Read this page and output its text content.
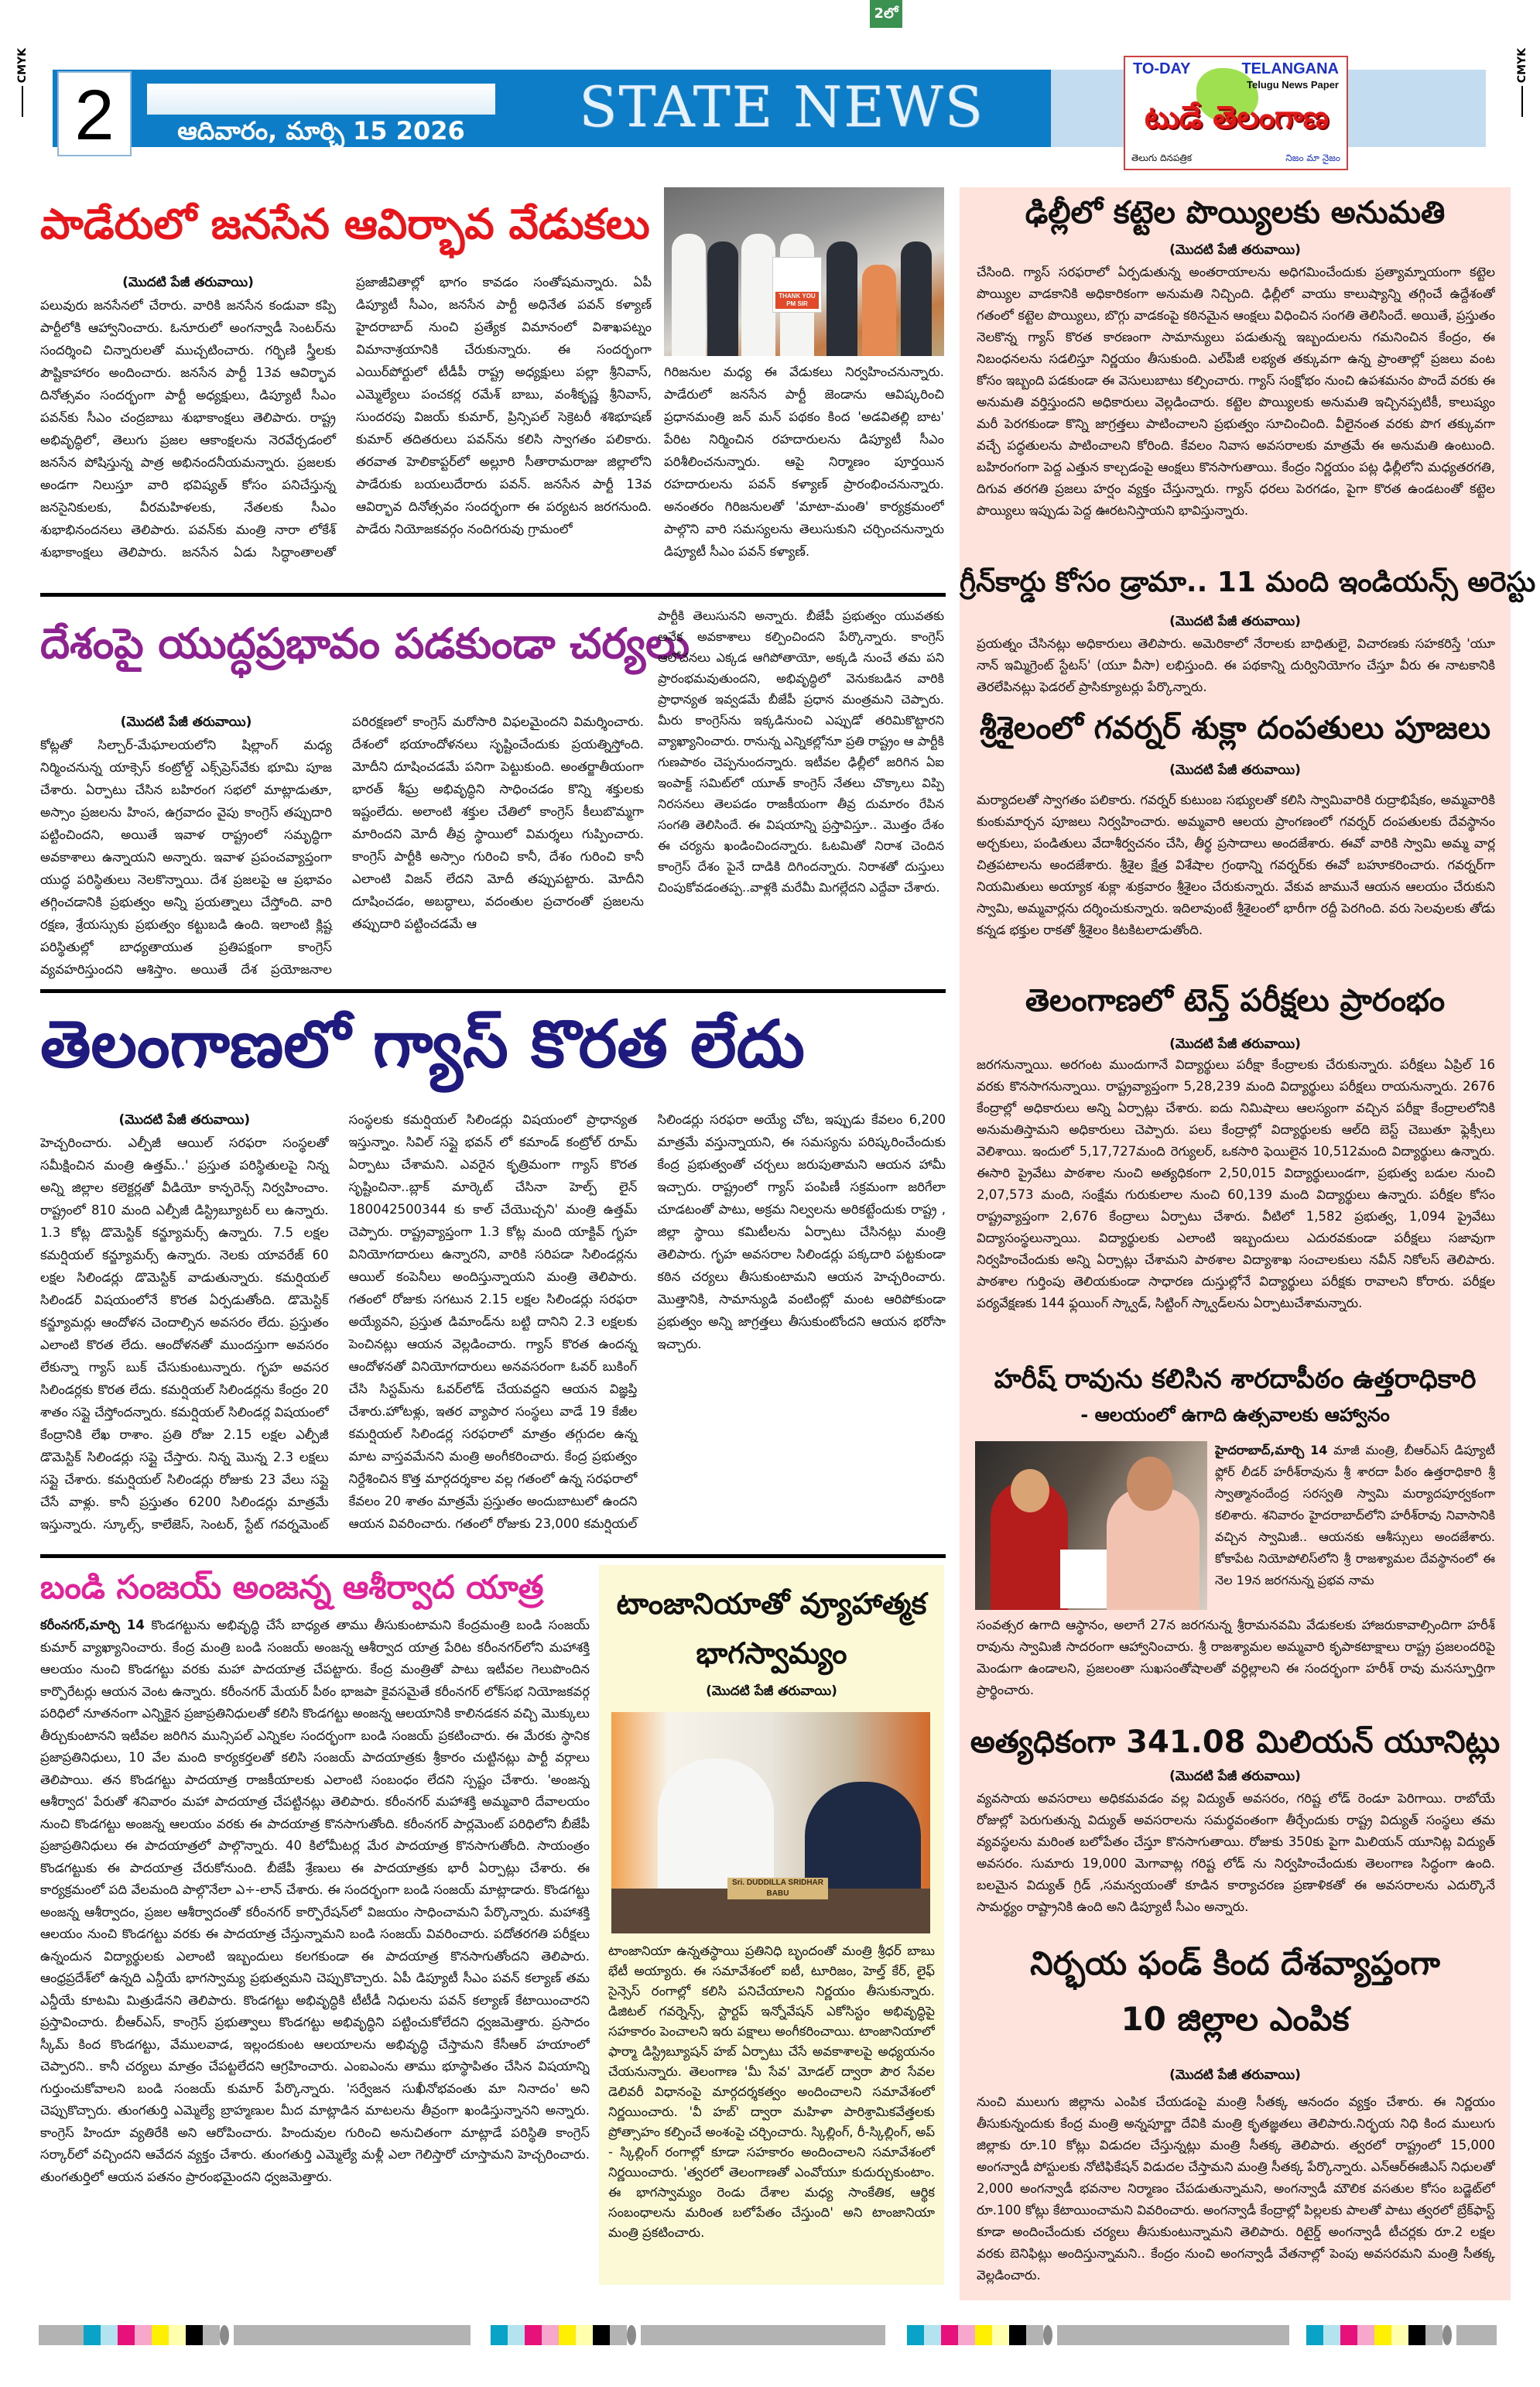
2లో
CMYK	CMYK
2	ఆదివారం, మార్చి 15 2026	STATE NEWS
TO-DAY	TELANGANA
Telugu News Paper
టుడే తెలంగాణ
తెలుగు దినపత్రిక	నిజం మా నైజం
పాడేరులో జనసేన ఆవిర్భావ వేడుకలు
(మొదటి పేజీ తరువాయి)
పలువురు జనసేనలో చేరారు. వారికి జనసేన కండువా కప్పి పార్టీలోకి ఆహ్వానించారు. ఓనూరులో అంగన్వాడీ సెంటర్‌ను సందర్శించి చిన్నారులతో ముచ్చటించారు. గర్భిణి స్త్రీలకు పౌష్టికాహారం అందించారు. జనసేన పార్టీ 13వ ఆవిర్భావ దినోత్సవం సందర్భంగా పార్టీ అధ్యక్షులు, డిప్యూటీ సీఎం పవన్‌కు సీఎం చంద్రబాబు శుభాకాంక్షలు తెలిపారు. రాష్ట్ర అభివృద్ధిలో, తెలుగు ప్రజల ఆకాంక్షలను నెరవేర్చడంలో జనసేన పోషిస్తున్న పాత్ర అభినందనీయమన్నారు. ప్రజలకు అండగా నిలుస్తూ వారి భవిష్యత్ కోసం పనిచేస్తున్న జనసైనికులకు, వీరమహిళలకు, నేతలకు సీఎం శుభాభినందనలు తెలిపారు. పవన్‌కు మంత్రి నారా లోకేశ్ శుభాకాంక్షలు తెలిపారు. జనసేన ఏడు సిద్ధాంతాలతో ప్రజాజీవితాల్లో భాగం కావడం సంతోషమన్నారు. ఏపీ డిప్యూటీ సీఎం, జనసేన పార్టీ అధినేత పవన్ కళ్యాణ్ హైదరాబాద్ నుంచి ప్రత్యేక విమానంలో విశాఖపట్నం విమానాశ్రయానికి చేరుకున్నారు. ఈ సందర్భంగా ఎయిర్‌పోర్టులో టీడీపీ రాష్ట్ర అధ్యక్షులు పల్లా శ్రీనివాస్, ఎమ్మెల్యేలు పంచకర్ల రమేశ్ బాబు, వంశీకృష్ణ శ్రీనివాస్, సుందరపు విజయ్ కుమార్, ప్రిన్సిపల్ సెక్రెటరీ శశిభూషణ్ కుమార్ తదితరులు పవన్‌ను కలిసి స్వాగతం పలికారు. తరవాత హెలికాప్టర్‌లో అల్లూరి సీతారామరాజు జిల్లాలోని పాడేరుకు బయలుదేరారు పవన్. జనసేన పార్టీ 13వ ఆవిర్భావ దినోత్సవం సందర్భంగా ఈ పర్యటన జరగనుంది. పాడేరు నియోజకవర్గం నందిగరువు గ్రామంలో
THANK YOU PM SIR
గిరిజనుల మధ్య ఈ వేడుకలు నిర్వహించనున్నారు. పాడేరులో జనసేన పార్టీ జెండాను ఆవిష్కరించి ప్రధానమంత్రి జన్ మన్ పథకం కింద 'అడవితల్లి బాట' పేరిట నిర్మించిన రహదారులను డిప్యూటీ సీఎం పరిశీలించనున్నారు. ఆపై నిర్మాణం పూర్తయిన రహదారులను పవన్ కళ్యాణ్ ప్రారంభించనున్నారు. అనంతరం గిరిజనులతో 'మాటా-మంతి' కార్యక్రమంలో పాల్గొని వారి సమస్యలను తెలుసుకుని చర్చించనున్నారు డిప్యూటీ సీఎం పవన్ కళ్యాణ్.
దేశంపై యుద్ధప్రభావం పడకుండా చర్యలు
(మొదటి పేజీ తరువాయి)
కోట్లతో సిల్చార్-మేఘాలయలోని షిల్లాంగ్ మధ్య నిర్మించనున్న యాక్సెస్ కంట్రోల్డ్ ఎక్స్‌ప్రెస్‌వేకు భూమి పూజ చేశారు. ఏర్పాటు చేసిన బహిరంగ సభలో మాట్లాడుతూ, అస్సాం ప్రజలను హింస, ఉగ్రవాదం వైపు కాంగ్రెస్ తప్పుదారి పట్టించిందని, అయితే ఇవాళ రాష్ట్రంలో సమృద్ధిగా అవకాశాలు ఉన్నాయని అన్నారు. ఇవాళ ప్రపంచవ్యాప్తంగా యుద్ధ పరిస్థితులు నెలకొన్నాయి. దేశ ప్రజలపై ఆ ప్రభావం తగ్గించడానికి ప్రభుత్వం అన్ని ప్రయత్నాలు చేస్తోంది. వారి రక్షణ, శ్రేయస్సుకు ప్రభుత్వం కట్టుబడి ఉంది. ఇలాంటి క్లిష్ట పరిస్థితుల్లో బాధ్యతాయుత ప్రతిపక్షంగా కాంగ్రెస్ వ్యవహరిస్తుందని ఆశిస్తాం. అయితే దేశ ప్రయోజనాల పరిరక్షణలో కాంగ్రెస్ మరోసారి విఫలమైందని విమర్శించారు. దేశంలో భయాందోళనలు సృష్టించేందుకు ప్రయత్నిస్తోంది. మోదీని దూషించడమే పనిగా పెట్టుకుంది. అంతర్జాతీయంగా భారత్ శీఘ్ర అభివృద్ధిని సాధించడం కొన్ని శక్తులకు ఇష్టంలేదు. అలాంటి శక్తుల చేతిలో కాంగ్రెస్ కీలుబొమ్మగా మారిందని మోదీ తీవ్ర స్థాయిలో విమర్శలు గుప్పించారు. కాంగ్రెస్ పార్టీకి అస్సాం గురించి కానీ, దేశం గురించి కానీ ఎలాంటి విజన్ లేదని మోదీ తప్పుపట్టారు. మోదీని దూషించడం, అబద్ధాలు, వదంతుల ప్రచారంతో ప్రజలను తప్పుదారి పట్టించడమే ఆ
పార్టీకి తెలుసునని అన్నారు. బీజేపీ ప్రభుత్వం యువతకు అనేక అవకాశాలు కల్పించిందని పేర్కొన్నారు. కాంగ్రెస్ ఆలోచనలు ఎక్కడ ఆగిపోతాయో, అక్కడి నుంచే తమ పని ప్రారంభమవుతుందని, అభివృద్ధిలో వెనుకబడిన వారికి ప్రాధాన్యత ఇవ్వడమే బీజేపీ ప్రధాన మంత్రమని చెప్పారు. మీరు కాంగ్రెస్‌ను ఇక్కడినుంచి ఎప్పుడో తరిమికొట్టారని వ్యాఖ్యానించారు. రానున్న ఎన్నికల్లోనూ ప్రతి రాష్ట్రం ఆ పార్టీకి గుణపాఠం చెప్పనుందన్నారు. ఇటీవల ఢిల్లీలో జరిగిన ఏఐ ఇంపాక్ట్ సమిట్‌లో యూత్ కాంగ్రెస్ నేతలు చొక్కాలు విప్పి నిరసనలు తెలపడం రాజకీయంగా తీవ్ర దుమారం రేపిన సంగతి తెలిసిందే. ఈ విషయాన్ని ప్రస్తావిస్తూ.. మొత్తం దేశం ఈ చర్యను ఖండించిందన్నారు. ఓటమితో నిరాశ చెందిన కాంగ్రెస్ దేశం పైనే దాడికి దిగిందన్నారు. నిరాశతో దుస్తులు చింపుకోవడంతప్ప..వాళ్లకి మరేమీ మిగల్లేదని ఎద్దేవా చేశారు.
తెలంగాణలో గ్యాస్ కొరత లేదు
(మొదటి పేజీ తరువాయి)
హెచ్చరించారు. ఎల్పీజీ ఆయిల్ సరఫరా సంస్థలతో సమీక్షించిన మంత్రి ఉత్తమ్..' ప్రస్తుత పరిస్థితులపై నిన్న అన్ని జిల్లాల కలెక్టర్లతో వీడియో కాన్ఫరెన్స్ నిర్వహించాం. రాష్ట్రంలో 810 మంది ఎల్పీజీ డిస్ట్రిబ్యూటర్ లు ఉన్నారు. 1.3 కోట్ల డొమెస్టిక్ కన్జ్యూమర్స్ ఉన్నారు. 7.5 లక్షల కమర్షియల్ కన్జ్యూమర్స్ ఉన్నారు. నెలకు యావరేజ్ 60 లక్షల సిలిండర్లు డొమెస్టిక్ వాడుతున్నారు. కమర్షియల్ సిలిండర్ విషయంలోనే కొరత ఏర్పడుతోంది. డొమెస్టిక్ కన్జ్యూమర్లు ఆందోళన చెందాల్సిన అవసరం లేదు. ప్రస్తుతం ఎలాంటి కొరత లేదు. ఆందోళనతో ముందస్తుగా అవసరం లేకున్నా గ్యాస్ బుక్ చేసుకుంటున్నారు. గృహ అవసర సిలిండర్లకు కొరత లేదు. కమర్షియల్ సిలిండర్లను కేంద్రం 20 శాతం సప్లై చేస్తోందన్నారు. కమర్షియల్ సిలిండర్ల విషయంలో కేంద్రానికి లేఖ రాశాం. ప్రతి రోజు 2.15 లక్షల ఎల్పీజీ డొమెస్టిక్ సిలిండర్లు సప్లై చేస్తారు. నిన్న మొన్న 2.3 లక్షలు సప్లై చేశారు. కమర్షియల్ సిలిండర్లు రోజుకు 23 వేలు సప్లై చేసే వాళ్లు. కానీ ప్రస్తుతం 6200 సిలిండర్లు మాత్రమే ఇస్తున్నారు. స్కూల్స్, కాలేజెస్, సెంటర్, స్టేట్ గవర్నమెంట్ సంస్థలకు కమర్షియల్ సిలిండర్లు విషయంలో ప్రాధాన్యత ఇస్తున్నాం. సివిల్ సప్లై భవన్ లో కమాండ్ కంట్రోల్ రూమ్ ఏర్పాటు చేశామని. ఎవరైన కృత్రిమంగా గ్యాస్ కొరత సృష్టించినా..బ్లాక్ మార్కెట్ చేసినా హెల్ప్ లైన్ 180042500344 కు కాల్ చేయొచ్చని' మంత్రి ఉత్తమ్ చెప్పారు. రాష్ట్రవ్యాప్తంగా 1.3 కోట్ల మంది యాక్టివ్ గృహ వినియోగదారులు ఉన్నారని, వారికి సరిపడా సిలిండర్లను ఆయిల్ కంపెనీలు అందిస్తున్నాయని మంత్రి తెలిపారు. గతంలో రోజుకు సగటున 2.15 లక్షల సిలిండర్లు సరఫరా అయ్యేవని, ప్రస్తుత డిమాండ్‌ను బట్టి దానిని 2.3 లక్షలకు పెంచినట్లు ఆయన వెల్లడించారు. గ్యాస్ కొరత ఉందన్న ఆందోళనతో వినియోగదారులు అనవసరంగా ఓవర్ బుకింగ్ చేసి సిస్టమ్‌ను ఓవర్‌లోడ్ చేయవద్దని ఆయన విజ్ఞప్తి చేశారు.హోటళ్లు, ఇతర వ్యాపార సంస్థలు వాడే 19 కేజీల కమర్షియల్ సిలిండర్ల సరఫరాలో మాత్రం తగ్గుదల ఉన్న మాట వాస్తవమేనని మంత్రి అంగీకరించారు. కేంద్ర ప్రభుత్వం నిర్దేశించిన కొత్త మార్గదర్శకాల వల్ల గతంలో ఉన్న సరఫరాలో కేవలం 20 శాతం మాత్రమే ప్రస్తుతం అందుబాటులో ఉందని ఆయన వివరించారు. గతంలో రోజుకు 23,000 కమర్షియల్ సిలిండర్లు సరఫరా అయ్యే చోట, ఇప్పుడు కేవలం 6,200 మాత్రమే వస్తున్నాయని, ఈ సమస్యను పరిష్కరించేందుకు కేంద్ర ప్రభుత్వంతో చర్చలు జరుపుతామని ఆయన హామీ ఇచ్చారు. రాష్ట్రంలో గ్యాస్ పంపిణీ సక్రమంగా జరిగేలా చూడటంతో పాటు, అక్రమ నిల్వలను అరికట్టేందుకు రాష్ట్ర , జిల్లా స్థాయి కమిటీలను ఏర్పాటు చేసినట్లు మంత్రి తెలిపారు. గృహ అవసరాల సిలిండర్లు పక్కదారి పట్టకుండా కఠిన చర్యలు తీసుకుంటామని ఆయన హెచ్చరించారు. మొత్తానికి, సామాన్యుడి వంటింట్లో మంట ఆరిపోకుండా ప్రభుత్వం అన్ని జాగ్రత్తలు తీసుకుంటోందని ఆయన భరోసా ఇచ్చారు.
బండి సంజయ్ అంజన్న ఆశీర్వాద యాత్ర
కరీంనగర్,మార్చి 14 కొండగట్టును అభివృద్ధి చేసే బాధ్యత తాము తీసుకుంటామని కేంద్రమంత్రి బండి సంజయ్ కుమార్ వ్యాఖ్యానించారు. కేంద్ర మంత్రి బండి సంజయ్ అంజన్న ఆశీర్వాద యాత్ర పేరిట కరీంనగర్‌లోని మహాశక్తి ఆలయం నుంచి కొండగట్టు వరకు మహా పాదయాత్ర చేపట్టారు. కేంద్ర మంత్రితో పాటు ఇటీవల గెలుపొందిన కార్పొరేటర్లు ఆయన వెంట ఉన్నారు. కరీంనగర్ మేయర్ పీఠం భాజపా కైవసమైతే కరీంనగర్ లోక్‌సభ నియోజకవర్గ పరిధిలో నూతనంగా ఎన్నికైన ప్రజాప్రతినిధులతో కలిసి కొండగట్టు అంజన్న ఆలయానికి కాలినడకన వచ్చి మొక్కులు తీర్చుకుంటానని ఇటీవల జరిగిన మున్సిపల్ ఎన్నికల సందర్భంగా బండి సంజయ్ ప్రకటించారు. ఈ మేరకు స్థానిక ప్రజాప్రతినిధులు, 10 వేల మంది కార్యకర్తలతో కలిసి సంజయ్ పాదయాత్రకు శ్రీకారం చుట్టినట్లు పార్టీ వర్గాలు తెలిపాయి. తన కొండగట్టు పాదయాత్ర రాజకీయాలకు ఎలాంటి సంబంధం లేదని స్పష్టం చేశారు. 'అంజన్న ఆశీర్వాద' పేరుతో శనివారం మహా పాదయాత్ర చేపట్టినట్లు తెలిపారు. కరీంనగర్ మహాశక్తి అమ్మవారి దేవాలయం నుంచి కొండగట్టు అంజన్న ఆలయం వరకు ఈ పాదయాత్ర కొనసాగుతోంది. కరీంనగర్ పార్లమెంట్ పరిధిలోని బీజేపీ ప్రజాప్రతినిధులు ఈ పాదయాత్రలో పాల్గొన్నారు. 40 కిలోమీటర్ల మేర పాదయాత్ర కొనసాగుతోంది. సాయంత్రం కొండగట్టుకు ఈ పాదయాత్ర చేరుకోనుంది. బీజేపీ శ్రేణులు ఈ పాదయాత్రకు భారీ ఏర్పాట్లు చేశారు. ఈ కార్యక్రమంలో పది వేలమంది పాల్గొనేలా ఎ÷-లాన్ చేశారు. ఈ సందర్భంగా బండి సంజయ్ మాట్లాడారు. కొండగట్టు అంజన్న ఆశీర్వాదం, ప్రజల ఆశీర్వాదంతో కరీంనగర్ కార్పొరేషన్‌లో విజయం సాధించామని పేర్కొన్నారు. మహాశక్తి ఆలయం నుంచి కొండగట్టు వరకు ఈ పాదయాత్ర చేస్తున్నామని బండి సంజయ్ వివరించారు. పదోతరగతి పరీక్షలు ఉన్నందున విద్యార్థులకు ఎలాంటి ఇబ్బందులు కలగకుండా ఈ పాదయాత్ర కొనసాగుతోందని తెలిపారు. ఆంధ్రప్రదేశ్‌లో ఉన్నది ఎన్డీయే భాగస్వామ్య ప్రభుత్వమని చెప్పుకొచ్చారు. ఏపీ డిప్యూటీ సీఎం పవన్ కల్యాణ్ తమ ఎన్డీయే కూటమి మిత్రుడేనని తెలిపారు. కొండగట్టు అభివృద్ధికి టీటీడీ నిధులను పవన్ కల్యాణ్ కేటాయించారని ప్రస్తావించారు. బీఆర్ఎస్, కాంగ్రెస్ ప్రభుత్వాలు కొండగట్టు అభివృద్ధిని పట్టించుకోలేదని ధ్వజమెత్తారు. ప్రసాదం స్కీమ్ కింద కొండగట్టు, వేములవాడ, ఇల్లందకుంట ఆలయాలను అభివృద్ధి చేస్తామని కేసీఆర్ హయాంలో చెప్పారని.. కానీ చర్యలు మాత్రం చేపట్టలేదని ఆగ్రహించారు. ఎంఐఎంను తాము భూస్థాపితం చేసిన విషయాన్ని గుర్తుంచుకోవాలని బండి సంజయ్ కుమార్ పేర్కొన్నారు. 'సర్వేజన సుఖీనోభవంతు మా నినాదం' అని చెప్పుకొచ్చారు. తుంగతుర్తి ఎమ్మెల్యే బ్రాహ్మణుల మీద మాట్లాడిన మాటలను తీవ్రంగా ఖండిస్తున్నానని అన్నారు. కాంగ్రెస్ హిందూ వ్యతిరేకి అని ఆరోపించారు. హిందువుల గురించి అనుచితంగా మాట్లాడే పరిస్థితి కాంగ్రెస్ సర్కార్‌లో వచ్చిందని ఆవేదన వ్యక్తం చేశారు. తుంగతుర్తి ఎమ్మెల్యే మళ్లీ ఎలా గెలిస్తారో చూస్తామని హెచ్చరించారు. తుంగతుర్తిలో ఆయన పతనం ప్రారంభమైందని ధ్వజమెత్తారు.
టాంజానియాతో వ్యూహాత్మక భాగస్వామ్యం
(మొదటి పేజీ తరువాయి)
Sri. DUDDILLA SRIDHAR BABU
టాంజానియా ఉన్నతస్థాయి ప్రతినిధి బృందంతో మంత్రి శ్రీధర్ బాబు భేటీ అయ్యారు. ఈ సమావేశంలో ఐటీ, టూరిజం, హెల్త్ కేర్, లైఫ్ సైన్సెస్ రంగాల్లో కలిసి పనిచేయాలని నిర్ణయం తీసుకున్నారు. డిజిటల్ గవర్నెన్స్, స్టార్టప్ ఇన్నోవేషన్ ఎకోసిస్టం అభివృద్ధిపై సహకారం పెంచాలని ఇరు పక్షాలు అంగీకరించాయి. టాంజానియాలో ఫార్మా డిస్ట్రిబ్యూషన్ హబ్ ఏర్పాటు చేసే అవకాశాలపై అధ్యయనం చేయనున్నారు. తెలంగాణ 'మీ సేవ' మోడల్ ద్వారా పౌర సేవల డెలివరీ విధానంపై మార్గదర్శకత్వం అందించాలని సమావేశంలో నిర్ణయించారు. 'వీ హబ్' ద్వారా మహిళా పారిశ్రామికవేత్తలకు ప్రోత్సాహం కల్పించే అంశంపై చర్చించారు. స్కిల్లింగ్, రీ-స్కిల్లింగ్, అప్ - స్కిల్లింగ్ రంగాల్లో కూడా సహకారం అందించాలని సమావేశంలో నిర్ణయించారు. 'త్వరలో తెలంగాణతో ఎంవోయూ కుదుర్చుకుంటాం. ఈ భాగస్వామ్యం రెండు దేశాల మధ్య సాంకేతిక, ఆర్థిక సంబంధాలను మరింత బలోపేతం చేస్తుంది' అని టాంజానియా మంత్రి ప్రకటించారు.
ఢిల్లీలో కట్టెల పొయ్యిలకు అనుమతి
(మొదటి పేజీ తరువాయి)
చేసింది. గ్యాస్ సరఫరాలో ఏర్పడుతున్న అంతరాయాలను అధిగమించేందుకు ప్రత్యామ్నాయంగా కట్టెల పొయ్యిల వాడకానికి అధికారికంగా అనుమతి నిచ్చింది. ఢిల్లీలో వాయు కాలుష్యాన్ని తగ్గించే ఉద్దేశంతో గతంలో కట్టెల పొయ్యిలు, బొగ్గు వాడకంపై కఠినమైన ఆంక్షలు విధించిన సంగతి తెలిసిందే. అయితే, ప్రస్తుతం నెలకొన్న గ్యాస్ కొరత కారణంగా సామాన్యులు పడుతున్న ఇబ్బందులను గమనించిన కేంద్రం, ఈ నిబంధనలను సడలిస్తూ నిర్ణయం తీసుకుంది. ఎల్‌పీజీ లభ్యత తక్కువగా ఉన్న ప్రాంతాల్లో ప్రజలు వంట కోసం ఇబ్బంది పడకుండా ఈ వెసులుబాటు కల్పించారు. గ్యాస్ సంక్షోభం నుంచి ఉపశమనం పొందే వరకు ఈ అనుమతి వర్తిస్తుందని అధికారులు వెల్లడించారు. కట్టెల పొయ్యిలకు అనుమతి ఇచ్చినప్పటికీ, కాలుష్యం మరీ పెరగకుండా కొన్ని జాగ్రత్తలు పాటించాలని ప్రభుత్వం సూచించింది. వీలైనంత వరకు పొగ తక్కువగా వచ్చే పద్ధతులను పాటించాలని కోరింది. కేవలం నివాస అవసరాలకు మాత్రమే ఈ అనుమతి ఉంటుంది. బహిరంగంగా పెద్ద ఎత్తున కాల్చడంపై ఆంక్షలు కొనసాగుతాయి. కేంద్రం నిర్ణయం పట్ల ఢిల్లీలోని మధ్యతరగతి, దిగువ తరగతి ప్రజలు హర్షం వ్యక్తం చేస్తున్నారు. గ్యాస్ ధరలు పెరగడం, పైగా కొరత ఉండటంతో కట్టెల పొయ్యిలు ఇప్పుడు పెద్ద ఊరటనిస్తాయని భావిస్తున్నారు.
గ్రీన్‌కార్డు కోసం డ్రామా.. 11 మంది ఇండియన్స్ అరెస్టు
(మొదటి పేజీ తరువాయి)
ప్రయత్నం చేసినట్లు అధికారులు తెలిపారు. అమెరికాలో నేరాలకు బాధితులై, విచారణకు సహకరిస్తే 'యూ నాన్ ఇమ్మిగ్రెంట్ స్టేటస్' (యూ వీసా) లభిస్తుంది. ఈ పథకాన్ని దుర్వినియోగం చేస్తూ వీరు ఈ నాటకానికి తెరలేపినట్లు ఫెడరల్ ప్రాసిక్యూటర్లు పేర్కొన్నారు.
శ్రీశైలంలో గవర్నర్ శుక్లా దంపతులు పూజలు
(మొదటి పేజీ తరువాయి)
మర్యాదలతో స్వాగతం పలికారు. గవర్నర్ కుటుంబ సభ్యులతో కలిసి స్వామివారికి రుద్రాభిషేకం, అమ్మవారికి కుంకుమార్చన పూజలు నిర్వహించారు. అమ్మవారి ఆలయ ప్రాంగణంలో గవర్నర్ దంపతులకు దేవస్థానం అర్చకులు, పండితులు వేదాశీర్వచనం చేసి, తీర్థ ప్రసాదాలు అందజేశారు. ఈవో వారికి స్వామి అమ్మ వార్ల చిత్రపటాలను అందజేశారు. శ్రీశైల క్షేత్ర విశేషాల గ్రంథాన్ని గవర్నర్‌కు ఈవో బహూకరించారు. గవర్నర్‌గా నియమితులు అయ్యాక శుక్లా శుక్రవారం శ్రీశైలం చేరుకున్నారు. వేకువ జామునే ఆయన ఆలయం చేరుకుని స్వామి, అమ్మవార్లను దర్శించుకున్నారు. ఇదిలావుంటే శ్రీశైలంలో భారీగా రద్దీ పెరగింది. వరు సెలవులకు తోడు కన్నడ భక్తుల రాకతో శ్రీశైలం కిటకిటలాడుతోంది.
తెలంగాణలో టెన్త్ పరీక్షలు ప్రారంభం
(మొదటి పేజీ తరువాయి)
జరగనున్నాయి. అరగంట ముందుగానే విద్యార్థులు పరీక్షా కేంద్రాలకు చేరుకున్నారు. పరీక్షలు ఏప్రిల్ 16 వరకు కొనసాగనున్నాయి. రాష్ట్రవ్యాప్తంగా 5,28,239 మంది విద్యార్థులు పరీక్షలు రాయనున్నారు. 2676 కేంద్రాల్లో అధికారులు అన్ని ఏర్పాట్లు చేశారు. ఐదు నిమిషాలు ఆలస్యంగా వచ్చిన పరీక్షా కేంద్రాలలోనికి అనుమతిస్తామని అధికారులు చెప్పారు. పలు కేంద్రాల్లో విద్యార్థులకు ఆల్‌ది బెస్ట్ చెబుతూ ఫ్లెక్సీలు వెలిశాయి. ఇందులో 5,17,727మంది రెగ్యులర్, ఒకసారి ఫెయిలైన 10,512మంది విద్యార్థులు ఉన్నారు. ఈసారి ప్రైవేటు పాఠశాల నుంచి అత్యధికంగా 2,50,015 విద్యార్థులుండగా, ప్రభుత్వ బడుల నుంచి 2,07,573 మంది, సంక్షేమ గురుకులాల నుంచి 60,139 మంది విద్యార్థులు ఉన్నారు. పరీక్షల కోసం రాష్ట్రవ్యాప్తంగా 2,676 కేంద్రాలు ఏర్పాటు చేశారు. వీటిలో 1,582 ప్రభుత్వ, 1,094 ప్రైవేటు విద్యాసంస్థలున్నాయి. విద్యార్థులకు ఎలాంటి ఇబ్బందులు ఎదురవకుండా పరీక్షలు సజావుగా నిర్వహించేందుకు అన్ని ఏర్పాట్లు చేశామని పాఠశాల విద్యాశాఖ సంచాలకులు నవీన్ నికోలస్ తెలిపారు. పాఠశాల గుర్తింపు తెలియకుండా సాధారణ దుస్తుల్లోనే విద్యార్థులు పరీక్షకు రావాలని కోరారు. పరీక్షల పర్యవేక్షణకు 144 ఫ్లయింగ్ స్క్వాడ్, సిట్టింగ్ స్క్వాడ్‌లను ఏర్పాటుచేశామన్నారు.
హరీష్ రావును కలిసిన శారదాపీఠం ఉత్తరాధికారి
- ఆలయంలో ఉగాది ఉత్సవాలకు ఆహ్వానం
హైదరాబాద్,మార్చి 14 మాజీ మంత్రి, బీఆర్ఎస్ డిప్యూటీ ఫ్లోర్ లీడర్ హరీశ్‌రావును శ్రీ శారదా పీఠం ఉత్తరాధికారి శ్రీ స్వాత్మానందేంద్ర సరస్వతి స్వామి మర్యాదపూర్వకంగా కలిశారు. శనివారం హైదరాబాద్‌లోని హరీశ్‌రావు నివాసానికి వచ్చిన స్వామిజీ.. ఆయనకు ఆశీస్సులు అందజేశారు. కోకాపేట నియోపోలిస్‌లోని శ్రీ రాజశ్యామల దేవస్థానంలో ఈ నెల 19న జరగనున్న ప్రభవ నామ
సంవత్సర ఉగాది ఆస్థానం, అలాగే 27న జరగనున్న శ్రీరామనవమి వేడుకలకు హాజరుకావాల్సిందిగా హరీశ్ రావును స్వామిజీ సాదరంగా ఆహ్వానించారు. శ్రీ రాజశ్యామల అమ్మవారి కృపాకటాక్షాలు రాష్ట్ర ప్రజలందరిపై మెండుగా ఉండాలని, ప్రజలంతా సుఖసంతోషాలతో వర్ధిల్లాలని ఈ సందర్భంగా హరీశ్ రావు మనస్ఫూర్తిగా ప్రార్థించారు.
అత్యధికంగా 341.08 మిలియన్ యూనిట్లు
(మొదటి పేజీ తరువాయి)
వ్యవసాయ అవసరాలు అధికమవడం వల్ల విద్యుత్ అవసరం, గరిష్ట లోడ్ రెండూ పెరిగాయి. రాబోయే రోజుల్లో పెరుగుతున్న విద్యుత్ అవసరాలను సమర్థవంతంగా తీర్చేందుకు రాష్ట్ర విద్యుత్ సంస్థలు తమ వ్యవస్థలను మరింత బలోపేతం చేస్తూ కొనసాగుతాయి. రోజుకు 350కు పైగా మిలియన్ యూనిట్ల విద్యుత్ అవసరం. సుమారు 19,000 మెగావాట్ల గరిష్ట లోడ్ ను నిర్వహించేందుకు తెలంగాణ సిద్ధంగా ఉంది. బలమైన విద్యుత్ గ్రిడ్ ,సమన్వయంతో కూడిన కార్యాచరణ ప్రణాళికతో ఈ అవసరాలను ఎదుర్కొనే సామర్థ్యం రాష్ట్రానికి ఉంది అని డిప్యూటీ సీఎం అన్నారు.
నిర్భయ ఫండ్ కింద దేశవ్యాప్తంగా
10 జిల్లాల ఎంపిక
(మొదటి పేజీ తరువాయి)
నుంచి ములుగు జిల్లాను ఎంపిక చేయడంపై మంత్రి సీతక్క ఆనందం వ్యక్తం చేశారు. ఈ నిర్ణయం తీసుకున్నందుకు కేంద్ర మంత్రి అన్నపూర్ణా దేవికి మంత్రి కృతజ్ఞతలు తెలిపారు.నిర్భయ నిధి కింద ములుగు జిల్లాకు రూ.10 కోట్లు విడుదల చేస్తున్నట్లు మంత్రి సీతక్క తెలిపారు. త్వరలో రాష్ట్రంలో 15,000 అంగన్వాడీ పోస్టులకు నోటిఫికేషన్ విడుదల చేస్తామని మంత్రి సీతక్క పేర్కొన్నారు. ఎన్‌ఆర్‌ఈజీఎస్ నిధులతో 2,000 అంగన్వాడీ భవనాల నిర్మాణం చేపడుతున్నామని, అంగన్వాడీ మౌలిక వసతుల కోసం బడ్జెట్‌లో రూ.100 కోట్లు కేటాయించామని వివరించారు. అంగన్వాడీ కేంద్రాల్లో పిల్లలకు పాలతో పాటు త్వరలో బ్రేక్‌ఫాస్ట్ కూడా అందించేందుకు చర్యలు తీసుకుంటున్నామని తెలిపారు. రిటైర్డ్ అంగన్వాడీ టీచర్లకు రూ.2 లక్షల వరకు బెనిఫిట్లు అందిస్తున్నామని.. కేంద్రం నుంచి అంగన్వాడీ వేతనాల్లో పెంపు అవసరమని మంత్రి సీతక్క వెల్లడించారు.
